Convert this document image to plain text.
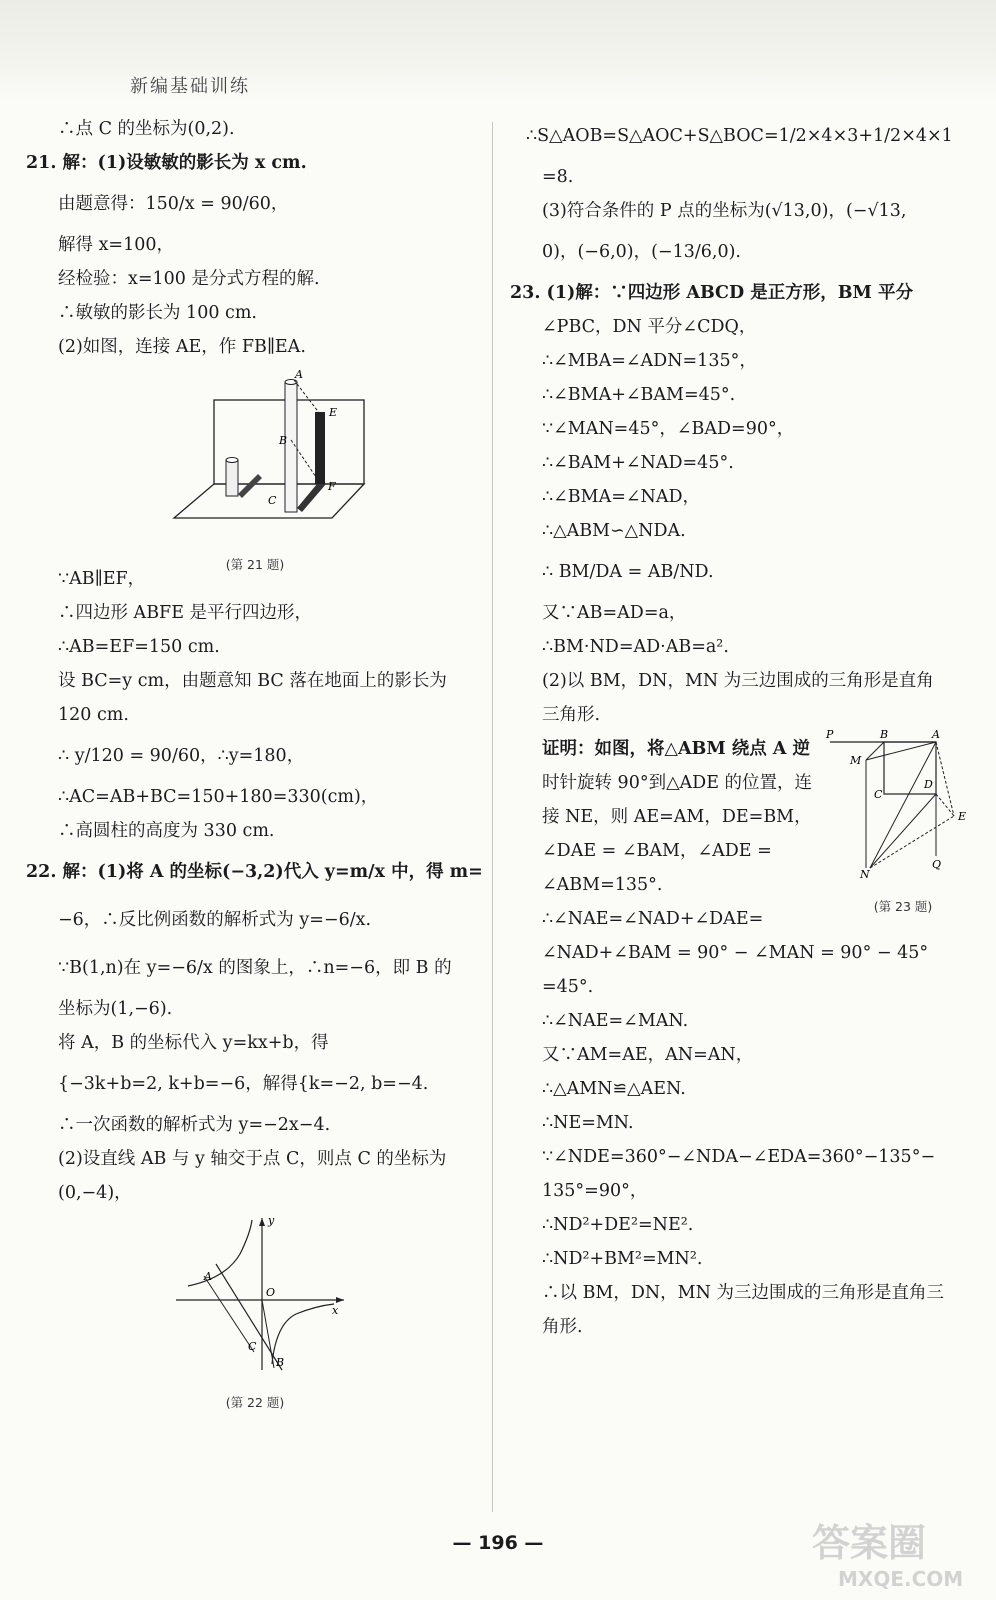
新编基础训练
∴点 C 的坐标为(0,2).
21. 解：(1)设敏敏的影长为 x cm.
由题意得：150/x = 90/60，
解得 x=100，
经检验：x=100 是分式方程的解.
∴敏敏的影长为 100 cm.
(2)如图，连接 AE，作 FB∥EA.
A
B
C
E
F
(第 21 题)
∵AB∥EF，
∴四边形 ABFE 是平行四边形，
∴AB=EF=150 cm.
设 BC=y cm，由题意知 BC 落在地面上的影长为
120 cm.
∴ y/120 = 90/60，∴y=180，
∴AC=AB+BC=150+180=330(cm)，
∴高圆柱的高度为 330 cm.
22. 解：(1)将 A 的坐标(−3,2)代入 y=m/x 中，得 m=
−6，∴反比例函数的解析式为 y=−6/x.
∵B(1,n)在 y=−6/x 的图象上，∴n=−6，即 B 的
坐标为(1,−6).
将 A，B 的坐标代入 y=kx+b，得
{−3k+b=2, k+b=−6，解得{k=−2, b=−4.
∴一次函数的解析式为 y=−2x−4.
(2)设直线 AB 与 y 轴交于点 C，则点 C 的坐标为
(0,−4)，
y
x
O
A
B
C
(第 22 题)
∴S△AOB=S△AOC+S△BOC=1/2×4×3+1/2×4×1
=8.
(3)符合条件的 P 点的坐标为(√13,0)，(−√13,
0)，(−6,0)，(−13/6,0).
23. (1)解：∵四边形 ABCD 是正方形，BM 平分
∠PBC，DN 平分∠CDQ，
∴∠MBA=∠ADN=135°，
∴∠BMA+∠BAM=45°.
∵∠MAN=45°，∠BAD=90°，
∴∠BAM+∠NAD=45°.
∴∠BMA=∠NAD，
∴△ABM∽△NDA.
∴ BM/DA = AB/ND.
又∵AB=AD=a，
∴BM·ND=AD·AB=a².
(2)以 BM，DN，MN 为三边围成的三角形是直角
三角形.
证明：如图，将△ABM 绕点 A 逆
时针旋转 90°到△ADE 的位置，连
接 NE，则 AE=AM，DE=BM，
∠DAE = ∠BAM，∠ADE =
∠ABM=135°.
P	B	A
M
C
D
E
N
Q
(第 23 题)
∴∠NAE=∠NAD+∠DAE=
∠NAD+∠BAM = 90° − ∠MAN = 90° − 45°
=45°.
∴∠NAE=∠MAN.
又∵AM=AE，AN=AN，
∴△AMN≌△AEN.
∴NE=MN.
∵∠NDE=360°−∠NDA−∠EDA=360°−135°−
135°=90°，
∴ND²+DE²=NE².
∴ND²+BM²=MN².
∴以 BM，DN，MN 为三边围成的三角形是直角三
角形.
— 196 —	答案圈
MXQE.COM
